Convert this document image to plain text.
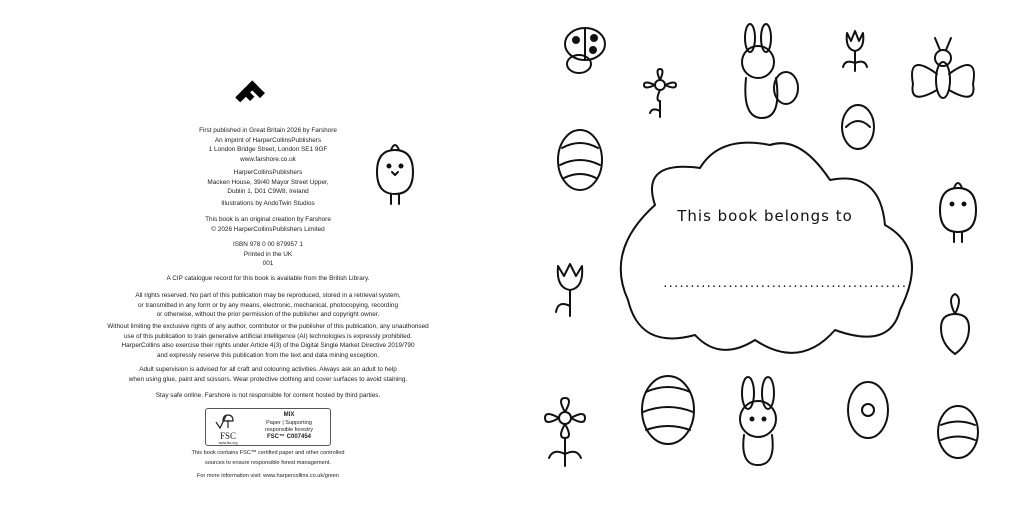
First published in Great Britain 2026 by Farshore
An imprint of HarperCollinsPublishers
1 London Bridge Street, London SE1 9GF
www.farshore.co.uk
HarperCollinsPublishers
Macken House, 39/40 Mayor Street Upper,
Dublin 1, D01 C9W8, Ireland
Illustrations by AndoTwin Studios
This book is an original creation by Farshore
© 2026 HarperCollinsPublishers Limited
ISBN 978 0 00 879957 1
Printed in the UK
001
A CIP catalogue record for this book is available from the British Library.
All rights reserved. No part of this publication may be reproduced, stored in a retrieval system,
or transmitted in any form or by any means, electronic, mechanical, photocopying, recording
or otherwise, without the prior permission of the publisher and copyright owner.
Without limiting the exclusive rights of any author, contributor or the publisher of this publication, any unauthorised
use of this publication to train generative artificial intelligence (AI) technologies is expressly prohibited.
HarperCollins also exercise their rights under Article 4(3) of the Digital Single Market Directive 2019/790
and expressly reserve this publication from the text and data mining exception.
Adult supervision is advised for all craft and colouring activities. Always ask an adult to help
when using glue, paint and scissors. Wear protective clothing and cover surfaces to avoid staining.
Stay safe online. Farshore is not responsible for content hosted by third parties.
FSC
www.fsc.org
MIX
Paper | Supporting
responsible forestry
FSC™ C007454
This book contains FSC™ certified paper and other controlled
sources to ensure responsible forest management.
For more information visit: www.harpercollins.co.uk/green
This book belongs to
.............................................
